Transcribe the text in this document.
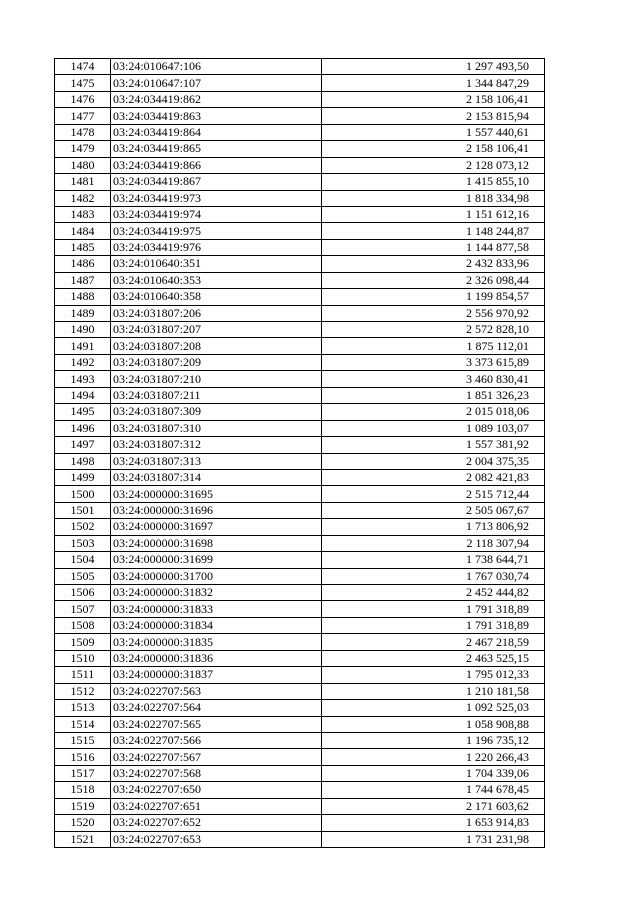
1474	03:24:010647:106	1 297 493,50
1475	03:24:010647:107	1 344 847,29
1476	03:24:034419:862	2 158 106,41
1477	03:24:034419:863	2 153 815,94
1478	03:24:034419:864	1 557 440,61
1479	03:24:034419:865	2 158 106,41
1480	03:24:034419:866	2 128 073,12
1481	03:24:034419:867	1 415 855,10
1482	03:24:034419:973	1 818 334,98
1483	03:24:034419:974	1 151 612,16
1484	03:24:034419:975	1 148 244,87
1485	03:24:034419:976	1 144 877,58
1486	03:24:010640:351	2 432 833,96
1487	03:24:010640:353	2 326 098,44
1488	03:24:010640:358	1 199 854,57
1489	03:24:031807:206	2 556 970,92
1490	03:24:031807:207	2 572 828,10
1491	03:24:031807:208	1 875 112,01
1492	03:24:031807:209	3 373 615,89
1493	03:24:031807:210	3 460 830,41
1494	03:24:031807:211	1 851 326,23
1495	03:24:031807:309	2 015 018,06
1496	03:24:031807:310	1 089 103,07
1497	03:24:031807:312	1 557 381,92
1498	03:24:031807:313	2 004 375,35
1499	03:24:031807:314	2 082 421,83
1500	03:24:000000:31695	2 515 712,44
1501	03:24:000000:31696	2 505 067,67
1502	03:24:000000:31697	1 713 806,92
1503	03:24:000000:31698	2 118 307,94
1504	03:24:000000:31699	1 738 644,71
1505	03:24:000000:31700	1 767 030,74
1506	03:24:000000:31832	2 452 444,82
1507	03:24:000000:31833	1 791 318,89
1508	03:24:000000:31834	1 791 318,89
1509	03:24:000000:31835	2 467 218,59
1510	03:24:000000:31836	2 463 525,15
1511	03:24:000000:31837	1 795 012,33
1512	03:24:022707:563	1 210 181,58
1513	03:24:022707:564	1 092 525,03
1514	03:24:022707:565	1 058 908,88
1515	03:24:022707:566	1 196 735,12
1516	03:24:022707:567	1 220 266,43
1517	03:24:022707:568	1 704 339,06
1518	03:24:022707:650	1 744 678,45
1519	03:24:022707:651	2 171 603,62
1520	03:24:022707:652	1 653 914,83
1521	03:24:022707:653	1 731 231,98
